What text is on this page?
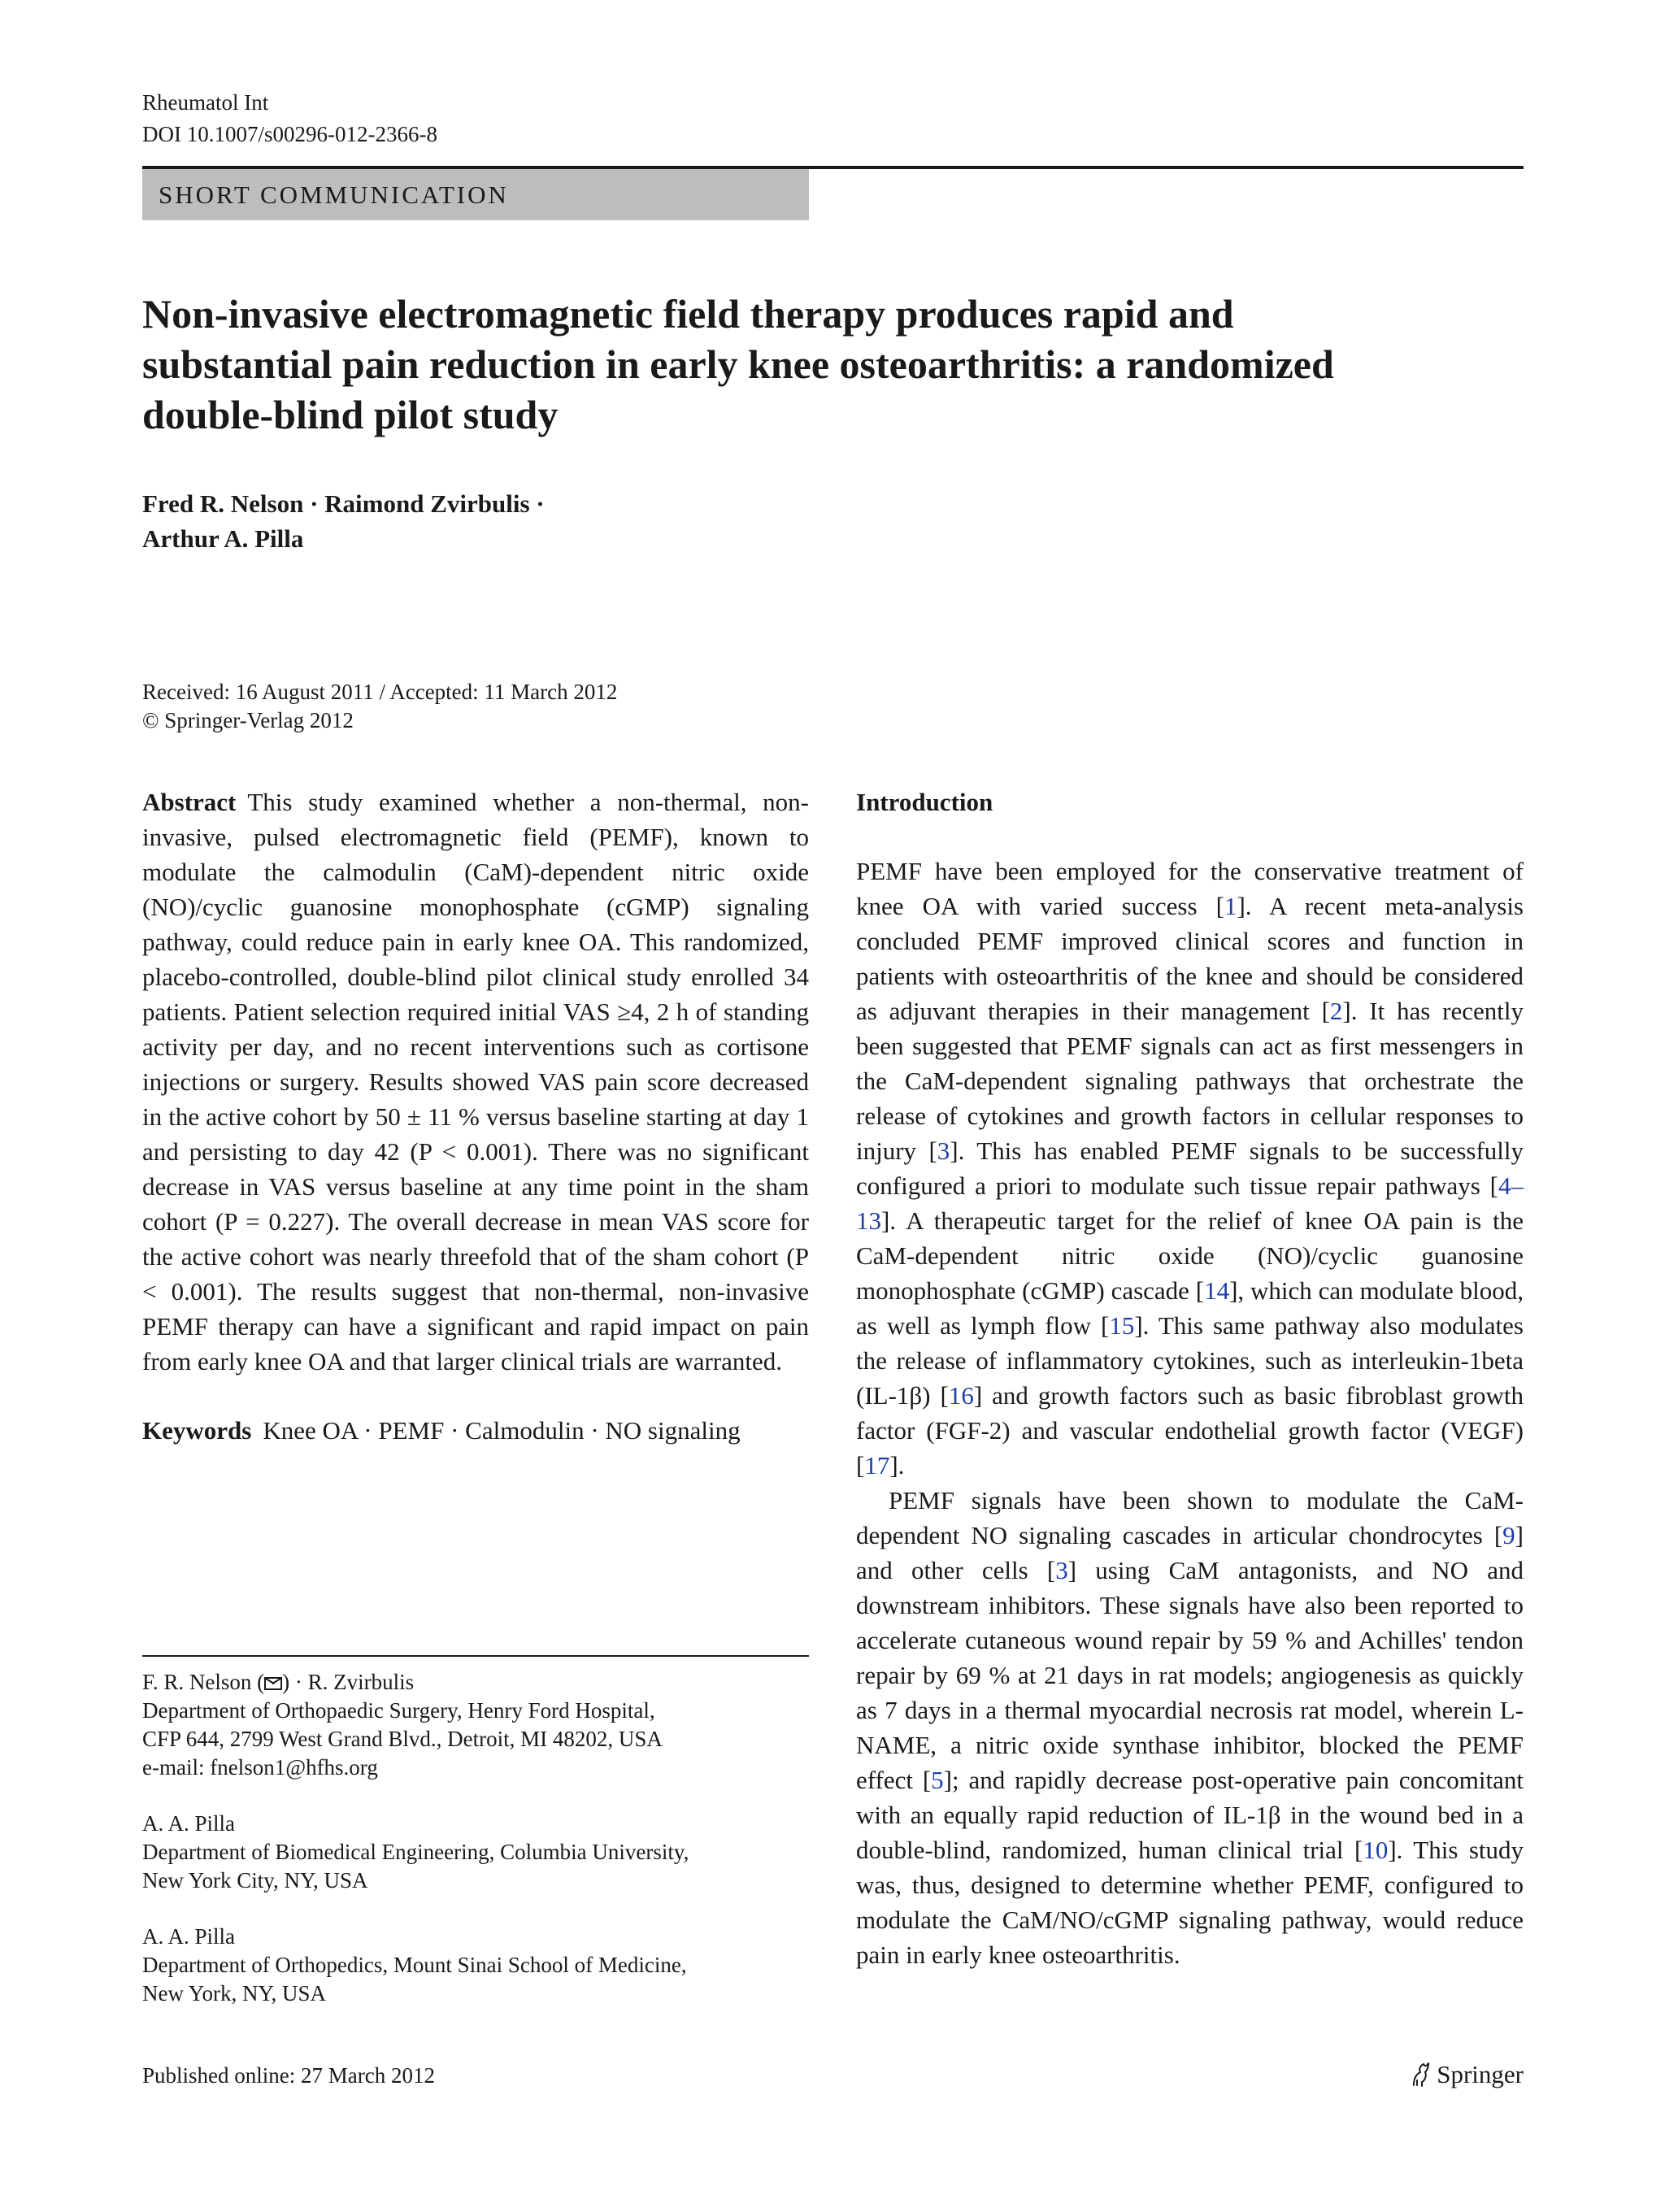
Rheumatol Int
DOI 10.1007/s00296-012-2366-8
SHORT COMMUNICATION
Non-invasive electromagnetic field therapy produces rapid and substantial pain reduction in early knee osteoarthritis: a randomized double-blind pilot study
Fred R. Nelson · Raimond Zvirbulis ·
Arthur A. Pilla
Received: 16 August 2011 / Accepted: 11 March 2012
© Springer-Verlag 2012

Abstract This study examined whether a non-thermal, non-invasive, pulsed electromagnetic field (PEMF), known to modulate the calmodulin (CaM)-dependent nitric oxide (NO)/cyclic guanosine monophosphate (cGMP) signaling pathway, could reduce pain in early knee OA. This randomized, placebo-controlled, double-blind pilot clinical study enrolled 34 patients. Patient selection required initial VAS ≥4, 2 h of standing activity per day, and no recent interventions such as cortisone injections or surgery. Results showed VAS pain score decreased in the active cohort by 50 ± 11 % versus baseline starting at day 1 and persisting to day 42 (P < 0.001). There was no significant decrease in VAS versus baseline at any time point in the sham cohort (P = 0.227). The overall decrease in mean VAS score for the active cohort was nearly threefold that of the sham cohort (P < 0.001). The results suggest that non-thermal, non-invasive PEMF therapy can have a significant and rapid impact on pain from early knee OA and that larger clinical trials are warranted.

Keywords Knee OA · PEMF · Calmodulin · NO signaling

F. R. Nelson ( ) · R. Zvirbulis
Department of Orthopaedic Surgery, Henry Ford Hospital,
CFP 644, 2799 West Grand Blvd., Detroit, MI 48202, USA
e-mail: fnelson1@hfhs.org
A. A. Pilla
Department of Biomedical Engineering, Columbia University,
New York City, NY, USA
A. A. Pilla
Department of Orthopedics, Mount Sinai School of Medicine,
New York, NY, USA

Introduction

PEMF have been employed for the conservative treatment of knee OA with varied success [1]. A recent meta-analysis concluded PEMF improved clinical scores and function in patients with osteoarthritis of the knee and should be considered as adjuvant therapies in their management [2]. It has recently been suggested that PEMF signals can act as first messengers in the CaM-dependent signaling pathways that orchestrate the release of cytokines and growth factors in cellular responses to injury [3]. This has enabled PEMF signals to be successfully configured a priori to modulate such tissue repair pathways [4–13]. A therapeutic target for the relief of knee OA pain is the CaM-dependent nitric oxide (NO)/cyclic guanosine monophosphate (cGMP) cascade [14], which can modulate blood, as well as lymph flow [15]. This same pathway also modulates the release of inflammatory cytokines, such as interleukin-1beta (IL-1β) [16] and growth factors such as basic fibroblast growth factor (FGF-2) and vascular endothelial growth factor (VEGF) [17].

PEMF signals have been shown to modulate the CaM-dependent NO signaling cascades in articular chondrocytes [9] and other cells [3] using CaM antagonists, and NO and downstream inhibitors. These signals have also been reported to accelerate cutaneous wound repair by 59 % and Achilles' tendon repair by 69 % at 21 days in rat models; angiogenesis as quickly as 7 days in a thermal myocardial necrosis rat model, wherein L-NAME, a nitric oxide synthase inhibitor, blocked the PEMF effect [5]; and rapidly decrease post-operative pain concomitant with an equally rapid reduction of IL-1β in the wound bed in a double-blind, randomized, human clinical trial [10]. This study was, thus, designed to determine whether PEMF, configured to modulate the CaM/NO/cGMP signaling pathway, would reduce pain in early knee osteoarthritis.

Published online: 27 March 2012	Springer
